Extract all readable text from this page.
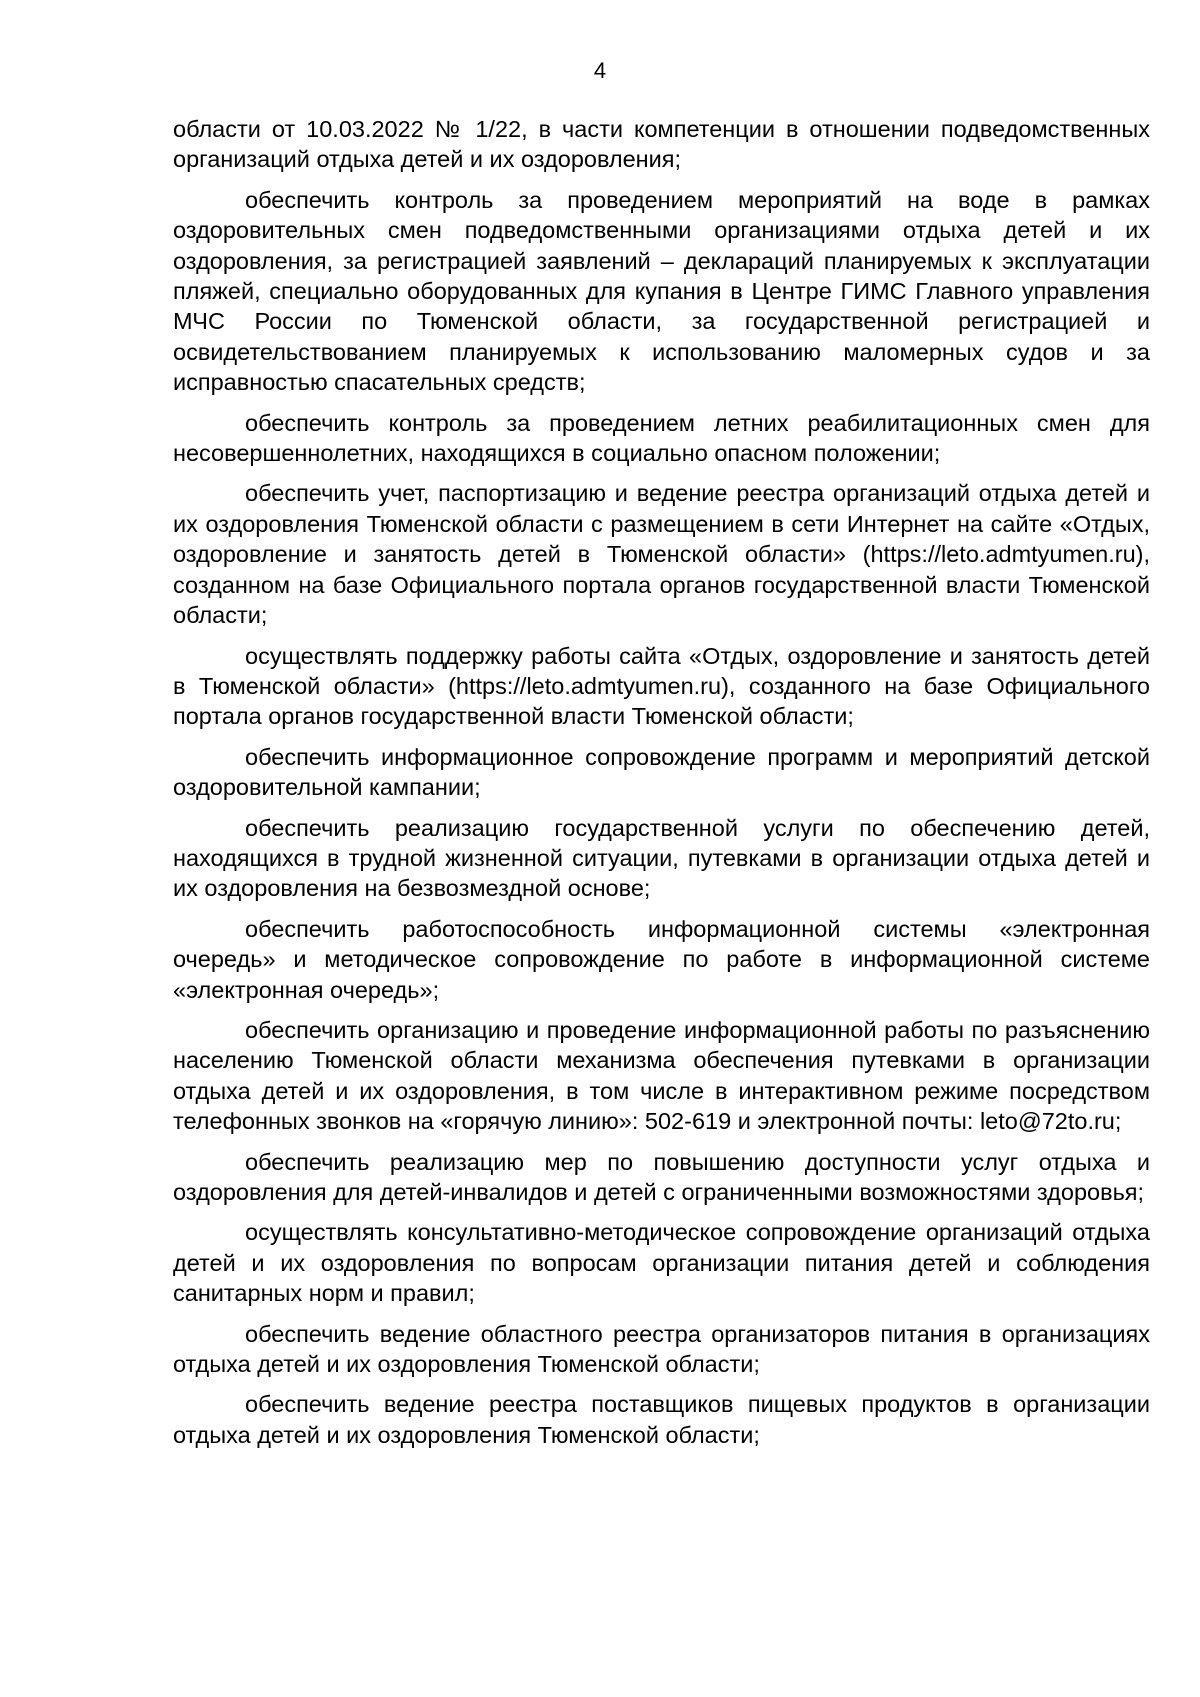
4

области от 10.03.2022 № 1/22, в части компетенции в отношении подведомственных организаций отдыха детей и их оздоровления;

обеспечить контроль за проведением мероприятий на воде в рамках оздоровительных смен подведомственными организациями отдыха детей и их оздоровления, за регистрацией заявлений – деклараций планируемых к эксплуатации пляжей, специально оборудованных для купания в Центре ГИМС Главного управления МЧС России по Тюменской области, за государственной регистрацией и освидетельствованием планируемых к использованию маломерных судов и за исправностью спасательных средств;

обеспечить контроль за проведением летних реабилитационных смен для несовершеннолетних, находящихся в социально опасном положении;

обеспечить учет, паспортизацию и ведение реестра организаций отдыха детей и их оздоровления Тюменской области с размещением в сети Интернет на сайте «Отдых, оздоровление и занятость детей в Тюменской области» (https://leto.admtyumen.ru), созданном на базе Официального портала органов государственной власти Тюменской области;

осуществлять поддержку работы сайта «Отдых, оздоровление и занятость детей в Тюменской области» (https://leto.admtyumen.ru), созданного на базе Официального портала органов государственной власти Тюменской области;

обеспечить информационное сопровождение программ и мероприятий детской оздоровительной кампании;

обеспечить реализацию государственной услуги по обеспечению детей, находящихся в трудной жизненной ситуации, путевками в организации отдыха детей и их оздоровления на безвозмездной основе;

обеспечить работоспособность информационной системы «электронная очередь» и методическое сопровождение по работе в информационной системе «электронная очередь»;

обеспечить организацию и проведение информационной работы по разъяснению населению Тюменской области механизма обеспечения путевками в организации отдыха детей и их оздоровления, в том числе в интерактивном режиме посредством телефонных звонков на «горячую линию»: 502-619 и электронной почты: leto@72to.ru;

обеспечить реализацию мер по повышению доступности услуг отдыха и оздоровления для детей-инвалидов и детей с ограниченными возможностями здоровья;

осуществлять консультативно-методическое сопровождение организаций отдыха детей и их оздоровления по вопросам организации питания детей и соблюдения санитарных норм и правил;

обеспечить ведение областного реестра организаторов питания в организациях отдыха детей и их оздоровления Тюменской области;

обеспечить ведение реестра поставщиков пищевых продуктов в организации отдыха детей и их оздоровления Тюменской области;
